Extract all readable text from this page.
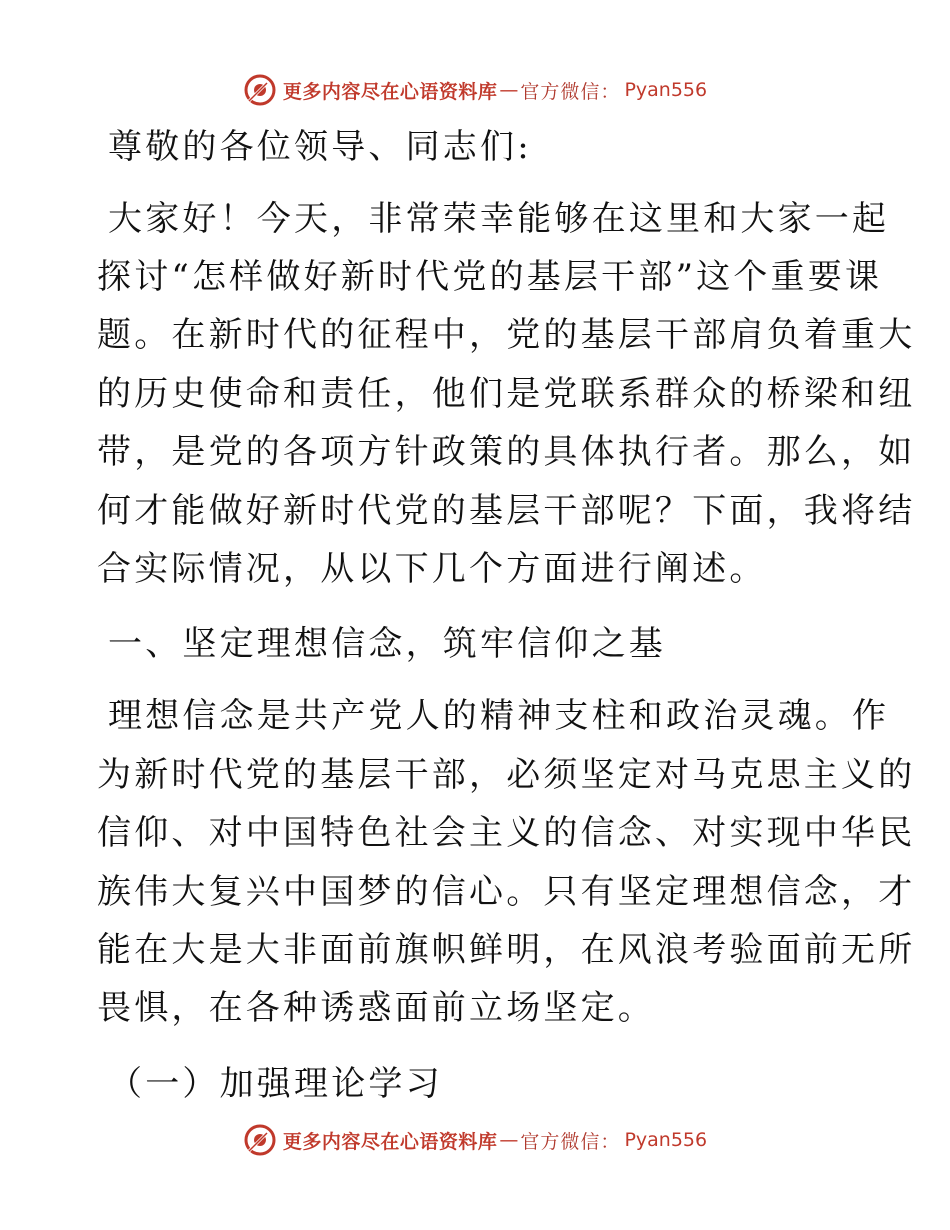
更多内容尽在心语资料库 — 官方微信： Pyan556
尊敬的各位领导、同志们:
大家好！今天，非常荣幸能够在这里和大家一起
探讨“怎样做好新时代党的基层干部”这个重要课
题。在新时代的征程中，党的基层干部肩负着重大
的历史使命和责任，他们是党联系群众的桥梁和纽
带，是党的各项方针政策的具体执行者。那么，如
何才能做好新时代党的基层干部呢？下面，我将结
合实际情况，从以下几个方面进行阐述。
一、坚定理想信念，筑牢信仰之基
理想信念是共产党人的精神支柱和政治灵魂。作
为新时代党的基层干部，必须坚定对马克思主义的
信仰、对中国特色社会主义的信念、对实现中华民
族伟大复兴中国梦的信心。只有坚定理想信念，才
能在大是大非面前旗帜鲜明，在风浪考验面前无所
畏惧，在各种诱惑面前立场坚定。
（一）加强理论学习
更多内容尽在心语资料库 — 官方微信： Pyan556
